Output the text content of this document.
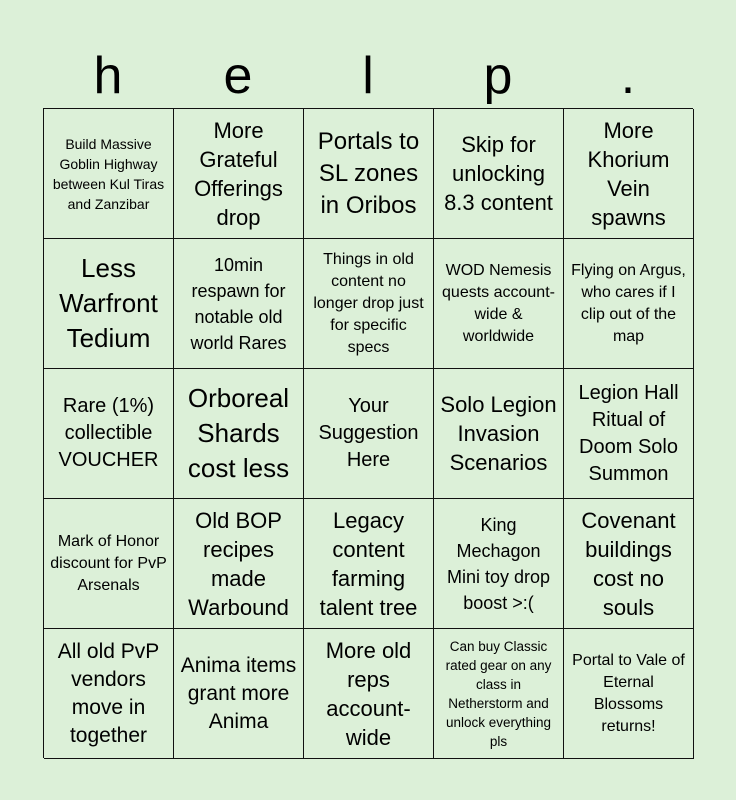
h	e	l	p	.
Build Massive Goblin Highway between Kul Tiras and Zanzibar
More Grateful Offerings drop
Portals to SL zones in Oribos
Skip for unlocking 8.3 content
More Khorium Vein spawns
Less Warfront Tedium
10min respawn for notable old world Rares
Things in old content no longer drop just for specific specs
WOD Nemesis quests account-wide & worldwide
Flying on Argus, who cares if I clip out of the map
Rare (1%) collectible VOUCHER
Orboreal Shards cost less
Your Suggestion Here
Solo Legion Invasion Scenarios
Legion Hall Ritual of Doom Solo Summon
Mark of Honor discount for PvP Arsenals
Old BOP recipes made Warbound
Legacy content farming talent tree
King Mechagon Mini toy drop boost >:(
Covenant buildings cost no souls
All old PvP vendors move in together
Anima items grant more Anima
More old reps account-wide
Can buy Classic rated gear on any class in Netherstorm and unlock everything pls
Portal to Vale of Eternal Blossoms returns!
